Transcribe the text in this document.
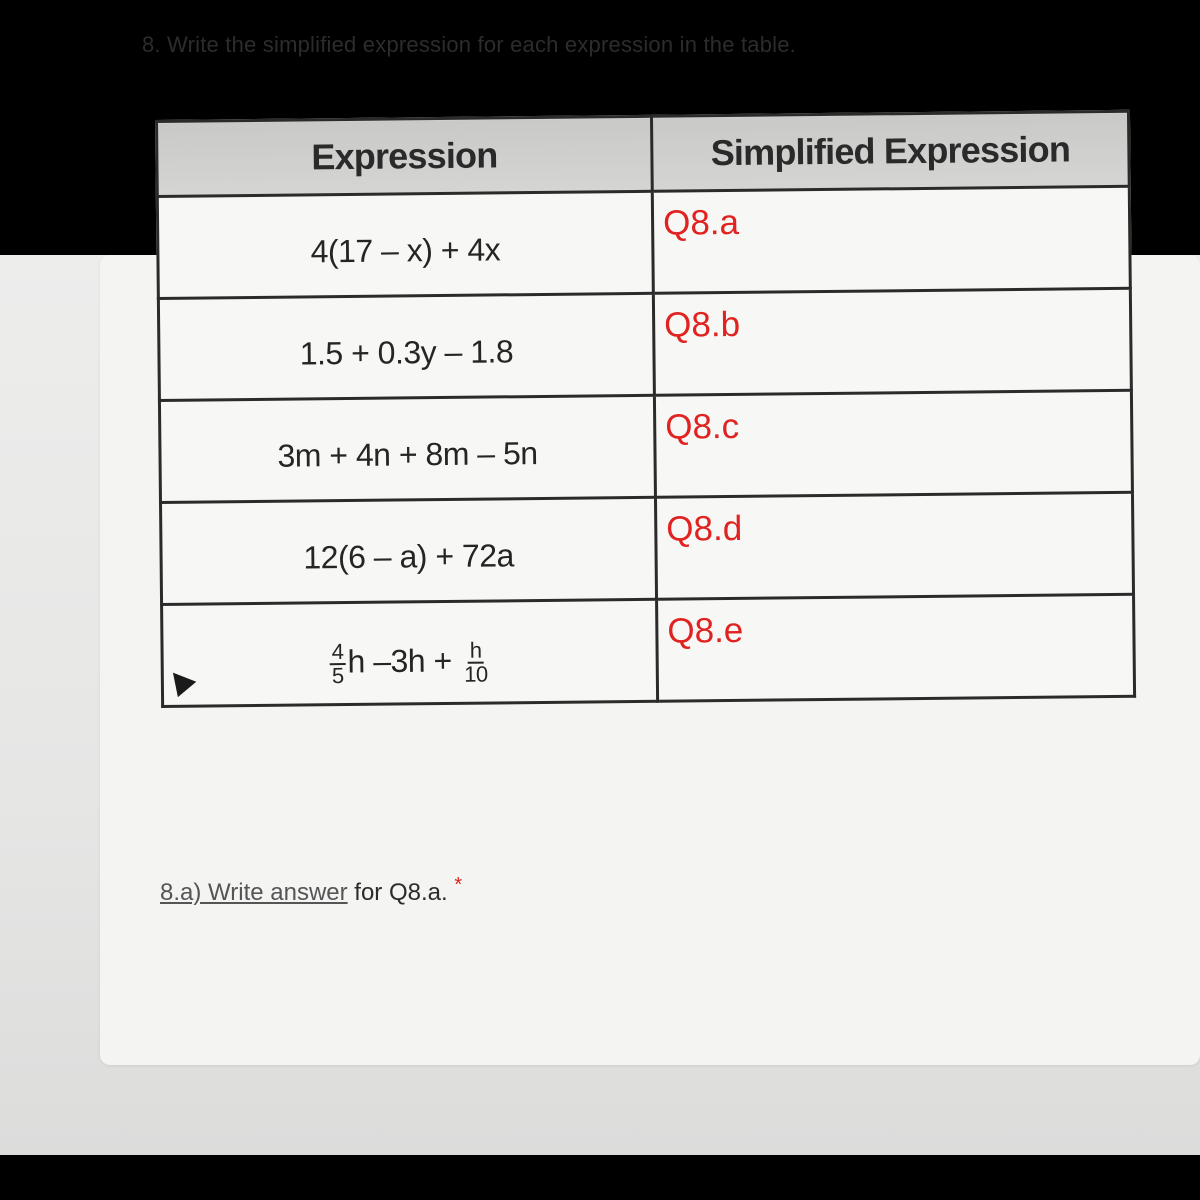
8. Write the simplified expression for each expression in the table.
Expression	Simplified Expression
4(17 – x) + 4x	Q8.a
1.5 + 0.3y – 1.8	Q8.b
3m + 4n + 8m – 5n	Q8.c
12(6 – a) + 72a	Q8.d

$\frac{4}{5}$ h $-3h + \frac{h}{10}$	Q8.e
8.a) Write answer for Q8.a. *
